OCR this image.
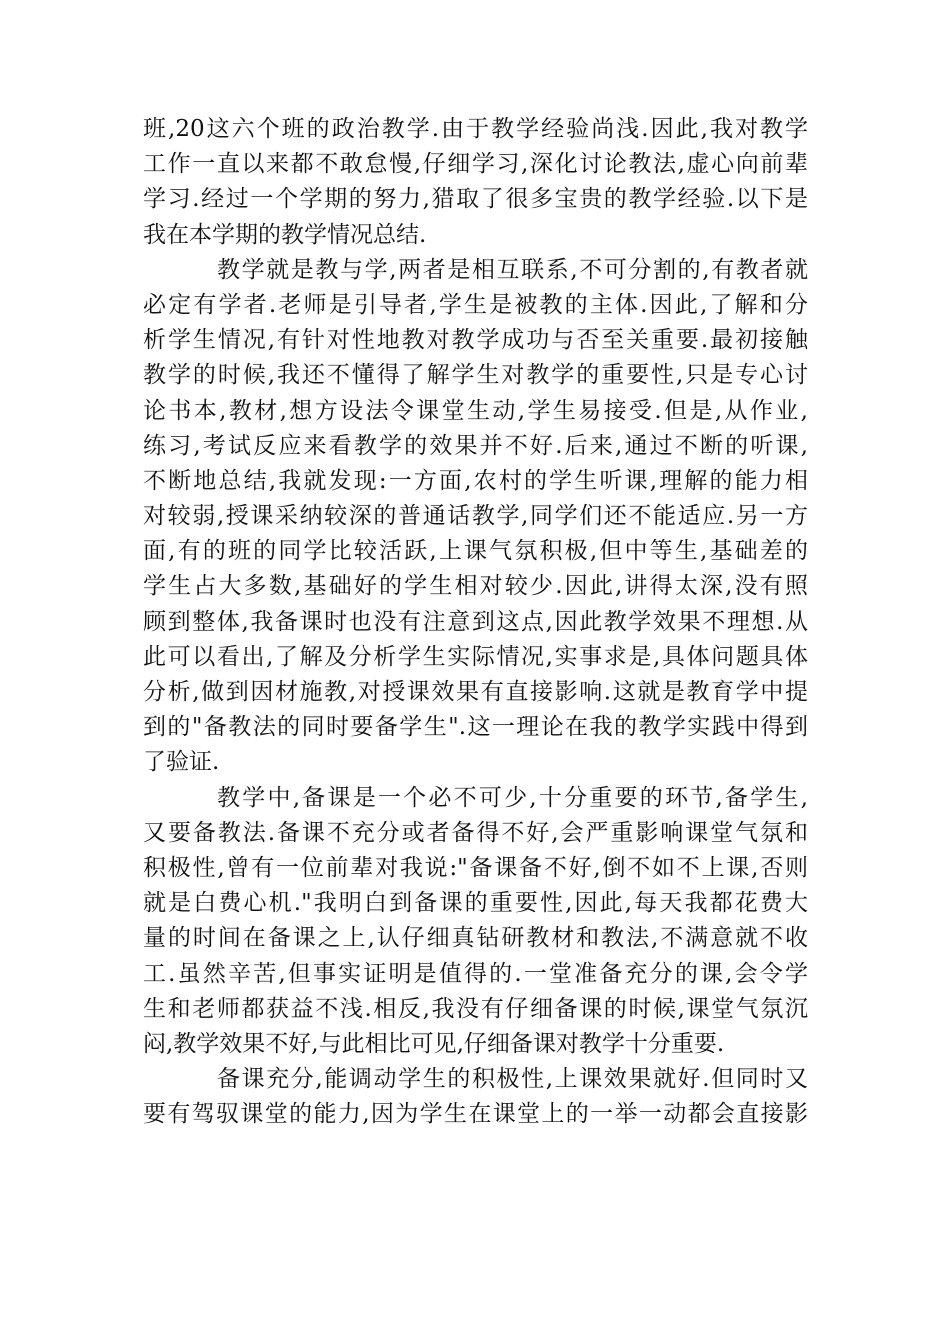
班,20这六个班的政治教学.由于教学经验尚浅.因此,我对教学
工作一直以来都不敢怠慢,仔细学习,深化讨论教法,虚心向前辈
学习.经过一个学期的努力,猎取了很多宝贵的教学经验.以下是
我在本学期的教学情况总结.
教学就是教与学,两者是相互联系,不可分割的,有教者就
必定有学者.老师是引导者,学生是被教的主体.因此,了解和分
析学生情况,有针对性地教对教学成功与否至关重要.最初接触
教学的时候,我还不懂得了解学生对教学的重要性,只是专心讨
论书本,教材,想方设法令课堂生动,学生易接受.但是,从作业,
练习,考试反应来看教学的效果并不好.后来,通过不断的听课,
不断地总结,我就发现:一方面,农村的学生听课,理解的能力相
对较弱,授课采纳较深的普通话教学,同学们还不能适应.另一方
面,有的班的同学比较活跃,上课气氛积极,但中等生,基础差的
学生占大多数,基础好的学生相对较少.因此,讲得太深,没有照
顾到整体,我备课时也没有注意到这点,因此教学效果不理想.从
此可以看出,了解及分析学生实际情况,实事求是,具体问题具体
分析,做到因材施教,对授课效果有直接影响.这就是教育学中提
到的"备教法的同时要备学生".这一理论在我的教学实践中得到
了验证.
教学中,备课是一个必不可少,十分重要的环节,备学生,
又要备教法.备课不充分或者备得不好,会严重影响课堂气氛和
积极性,曾有一位前辈对我说:"备课备不好,倒不如不上课,否则
就是白费心机."我明白到备课的重要性,因此,每天我都花费大
量的时间在备课之上,认仔细真钻研教材和教法,不满意就不收
工.虽然辛苦,但事实证明是值得的.一堂准备充分的课,会令学
生和老师都获益不浅.相反,我没有仔细备课的时候,课堂气氛沉
闷,教学效果不好,与此相比可见,仔细备课对教学十分重要.
备课充分,能调动学生的积极性,上课效果就好.但同时又
要有驾驭课堂的能力,因为学生在课堂上的一举一动都会直接影
